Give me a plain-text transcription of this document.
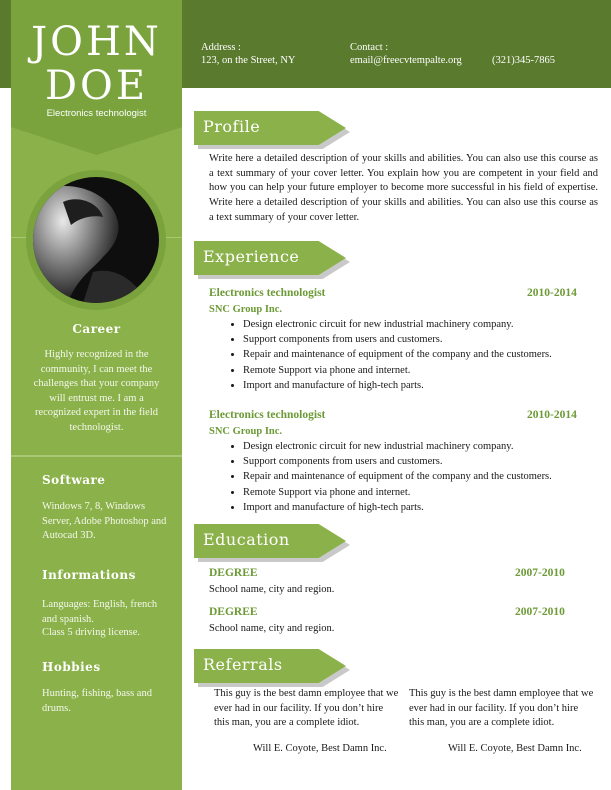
JOHN
DOE
Electronics technologist
Career
Highly recognized in the community, I can meet the challenges that your company will entrust me. I am a recognized expert in the field technologist.
Software
Windows 7, 8, Windows Server, Adobe Photoshop and Autocad 3D.
Informations
Languages: English, french and spanish.
Class 5 driving license.
Hobbies
Hunting, fishing, bass and drums.
Address :
123, on the Street, NY
Contact :
email@freecvtempalte.org	(321)345-7865
Profile
Write here a detailed description of your skills and abilities. You can also use this course as a text summary of your cover letter. You explain how you are competent in your field and how you can help your future employer to become more successful in his field of expertise. Write here a detailed description of your skills and abilities. You can also use this course as a text summary of your cover letter.
Experience
Electronics technologist	2010-2014
SNC Group Inc.
• Design electronic circuit for new industrial machinery company.
• Support components from users and customers.
• Repair and maintenance of equipment of the company and the customers.
• Remote Support via phone and internet.
• Import and manufacture of high-tech parts.
Electronics technologist	2010-2014
SNC Group Inc.
• Design electronic circuit for new industrial machinery company.
• Support components from users and customers.
• Repair and maintenance of equipment of the company and the customers.
• Remote Support via phone and internet.
• Import and manufacture of high-tech parts.
Education
DEGREE	2007-2010
School name, city and region.
DEGREE	2007-2010
School name, city and region.
Referrals
This guy is the best damn employee that we ever had in our facility. If you don’t hire this man, you are a complete idiot.
Will E. Coyote, Best Damn Inc.
This guy is the best damn employee that we ever had in our facility. If you don’t hire this man, you are a complete idiot.
Will E. Coyote, Best Damn Inc.
